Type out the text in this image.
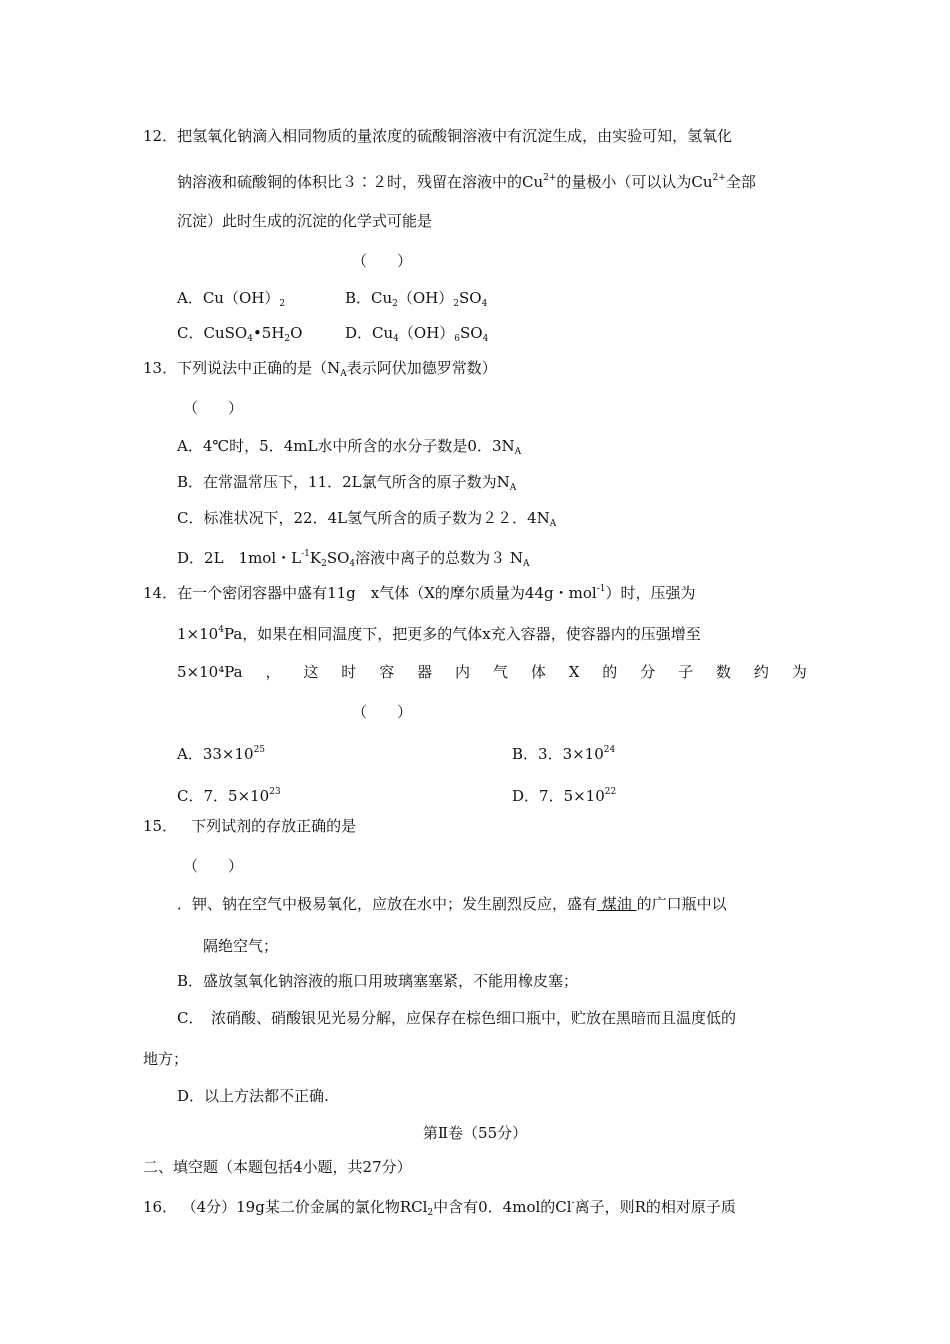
12．把氢氧化钠滴入相同物质的量浓度的硫酸铜溶液中有沉淀生成，由实验可知，氢氧化
钠溶液和硫酸铜的体积比３∶２时，残留在溶液中的$Cu^{2+}$的量极小（可以认为$Cu^{2+}$全部
沉淀）此时生成的沉淀的化学式可能是
（　　）
A．$Cu(OH)_2$	B．$Cu_2(OH)_2SO_4$
C．$CuSO_4•5H_2O$	D．$Cu_4(OH)_6SO_4$
13．下列说法中正确的是（$N_A$表示阿伏加德罗常数）
（　　）
A．4℃时，5．4mL水中所含的水分子数是0．$3N_A$
B．在常温常压下，11．2L氯气所含的原子数为$N_A$
C．标准状况下，22．4L氢气所含的质子数为２２．$4N_A$
D．2L　1mol・$L^{-1}K_2SO_4$溶液中离子的总数为３ $N_A$
14．在一个密闭容器中盛有11g　x气体（X的摩尔质量为44g・mol$^{-1}$）时，压强为
$1\times 10^4Pa$，如果在相同温度下，把更多的气体x充入容器，使容器内的压强增至
5×10⁴Pa ， 这 时 容 器 内 气 体 X 的 分 子 数 约 为
（　　）
A．$33\times 10^{25}$	B．3．$3\times 10^{24}$
C．7．$5\times 10^{23}$	D．7．$5\times 10^{22}$
15． 下列试剂的存放正确的是
（　　）
．钾、钠在空气中极易氧化，应放在水中；发生剧烈反应，盛有 煤油 的广口瓶中以
隔绝空气；
B．盛放氢氧化钠溶液的瓶口用玻璃塞塞紧，不能用橡皮塞；
C．　浓硝酸、硝酸银见光易分解，应保存在棕色细口瓶中，贮放在黑暗而且温度低的
地方；
D．以上方法都不正确.
第Ⅱ卷（55分）
二、填空题（本题包括4小题，共27分）
16． （4分）19g某二价金属的氯化物RCl$_2$中含有0．4mol的Cl-离子，则R的相对原子质
